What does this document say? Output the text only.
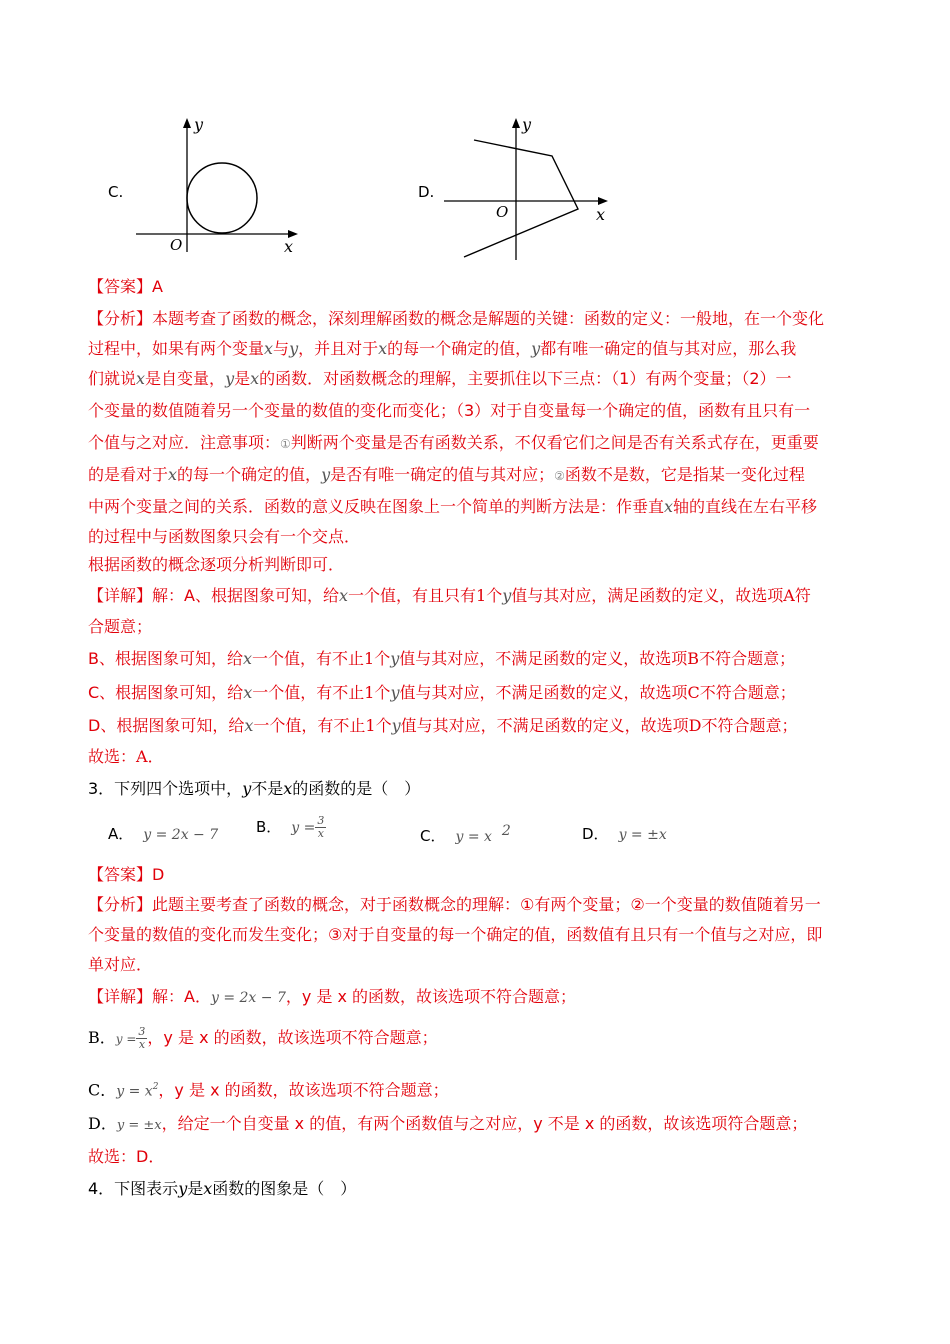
C.
y
x
O
D.
y
x
O
【答案】A
【分析】本题考查了函数的概念，深刻理解函数的概念是解题的关键：函数的定义：一般地，在一个变化
过程中，如果有两个变量x与y，并且对于x的每一个确定的值，y都有唯一确定的值与其对应，那么我
们就说x是自变量，y是x的函数．对函数概念的理解，主要抓住以下三点：（1）有两个变量；（2）一
个变量的数值随着另一个变量的数值的变化而变化；（3）对于自变量每一个确定的值，函数有且只有一
个值与之对应．注意事项：①判断两个变量是否有函数关系，不仅看它们之间是否有关系式存在，更重要
的是看对于x的每一个确定的值，y是否有唯一确定的值与其对应；②函数不是数，它是指某一变化过程
中两个变量之间的关系．函数的意义反映在图象上一个简单的判断方法是：作垂直x轴的直线在左右平移
的过程中与函数图象只会有一个交点．
根据函数的概念逐项分析判断即可．
【详解】解：A、根据图象可知，给x一个值，有且只有1个y值与其对应，满足函数的定义，故选项A符
合题意；
B、根据图象可知，给x一个值，有不止1个y值与其对应，不满足函数的定义，故选项B不符合题意；
C、根据图象可知，给x一个值，有不止1个y值与其对应，不满足函数的定义，故选项C不符合题意；
D、根据图象可知，给x一个值，有不止1个y值与其对应，不满足函数的定义，故选项D不符合题意；
故选：A．
3．下列四个选项中，y不是x的函数的是（　）
A． y = 2x − 7	B． $y = \frac{3}{x}$	C． y = x $^2$	D． y = ±x
【答案】D
【分析】此题主要考查了函数的概念，对于函数概念的理解：①有两个变量；②一个变量的数值随着另一
个变量的数值的变化而发生变化；③对于自变量的每一个确定的值，函数值有且只有一个值与之对应，即
单对应．
【详解】解：A．y = 2x − 7，y 是 x 的函数，故该选项不符合题意；
B．$y = \frac{3}{x}$ ，y 是 x 的函数，故该选项不符合题意；
C．$y = x^2$，y 是 x 的函数，故该选项不符合题意；
D．y = ±x，给定一个自变量 x 的值，有两个函数值与之对应，y 不是 x 的函数，故该选项符合题意；
故选：D．
4．下图表示y是x函数的图象是（　）
